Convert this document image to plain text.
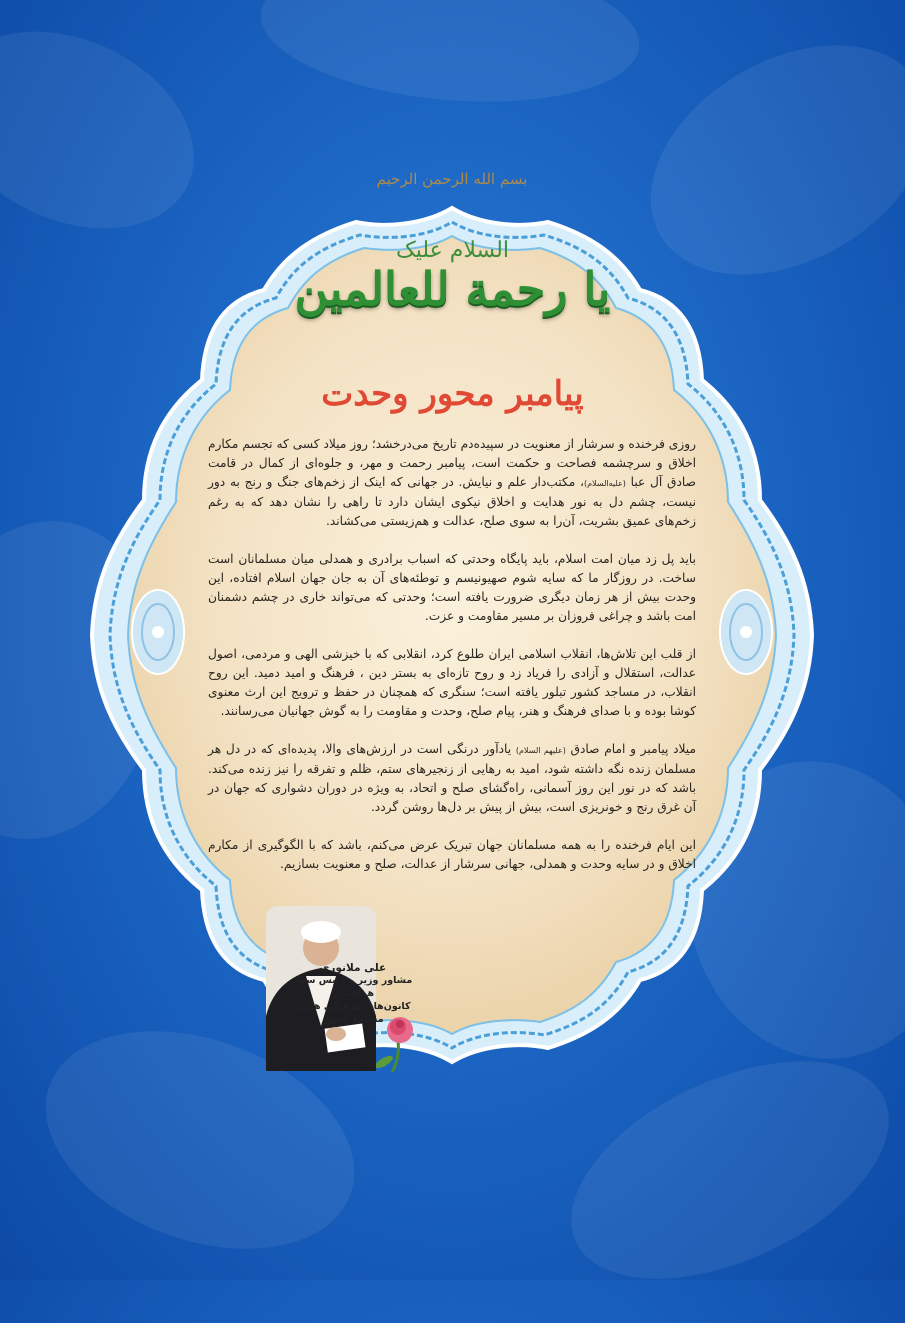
بسم الله الرحمن الرحیم
السلام علیک
یا رحمة للعالمین
پیامبر محور وحدت

روزی فرخنده و سرشار از معنویت در سپیده‌دم تاریخ می‌درخشد؛ روز میلاد کسی که تجسم مکارم اخلاق و سرچشمه فصاحت و حکمت است، پیامبر رحمت و مهر، و جلوه‌ای از کمال در قامت صادق آل عبا (علیه‌السلام)، مکتب‌دار علم و نیایش. در جهانی که اینک از زخم‌های جنگ و رنج به دور نیست، چشم دل به نور هدایت و اخلاق نیکوی ایشان دارد تا راهی را نشان دهد که به رغم زخم‌های عمیق بشریت، آن‌را به سوی صلح، عدالت و هم‌زیستی می‌کشاند.

باید پل زد میان امت اسلام، باید پایگاه وحدتی که اسباب برادری و همدلی میان مسلمانان است ساخت. در روزگار ما که سایه شوم صهیونیسم و توطئه‌های آن به جان جهان اسلام افتاده، این وحدت بیش از هر زمان دیگری ضرورت یافته است؛ وحدتی که می‌تواند خاری در چشم دشمنان امت باشد و چراغی فروزان بر مسیر مقاومت و عزت.

از قلب این تلاش‌ها، انقلاب اسلامی ایران طلوع کرد، انقلابی که با خیزشی الهی و مردمی، اصول عدالت، استقلال و آزادی را فریاد زد و روح تازه‌ای به بستر دین ، فرهنگ و امید دمید. این روح انقلاب، در مساجد کشور تبلور یافته است؛ سنگری که همچنان در حفظ و ترویج این ارث معنوی کوشا بوده و با صدای فرهنگ و هنر، پیام صلح، وحدت و مقاومت را به گوش جهانیان می‌رسانند.

میلاد پیامبر و امام صادق (علیهم السلام) یادآور درنگی است در ارزش‌های والا، پدیده‌ای که در دل هر مسلمان زنده نگه داشته شود، امید به رهایی از زنجیرهای ستم، ظلم و تفرقه را نیز زنده می‌کند. باشد که در نور این روز آسمانی، راه‌گشای صلح و اتحاد، به ویژه در دوران دشواری که جهان در آن غرق رنج و خونریزی است، بیش از پیش بر دل‌ها روشن گردد.

این ایام فرخنده را به همه مسلمانان جهان تبریک عرض می‌کنم، باشد که با الگوگیری از مکارم اخلاق و در سایه وحدت و همدلی، جهانی سرشار از عدالت، صلح و معنویت بسازیم.

علی ملانوری
مشاور وزیر و رئیس ستاد هماهنگی
کانون‌های فرهنگی هنری مساجد کشور
